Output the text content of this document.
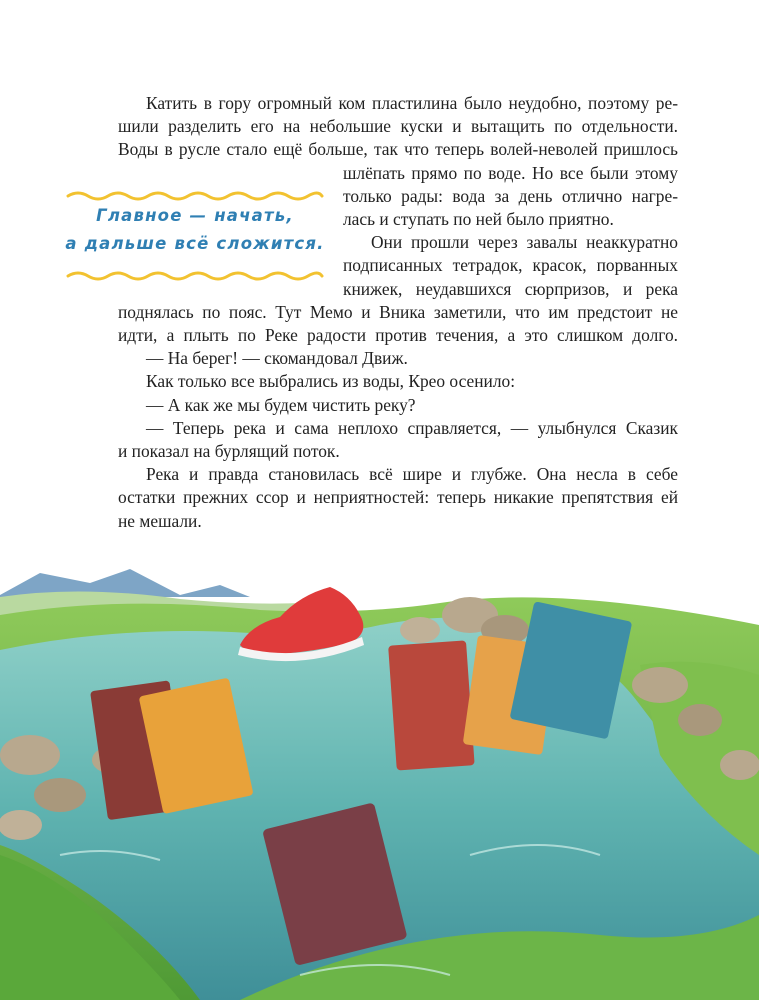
Катить в гору огромный ком пластилина было неудобно, поэтому ре-
шили разделить его на небольшие куски и вытащить по отдельности.
Воды в русле стало ещё больше, так что теперь волей-неволей пришлось
шлёпать прямо по воде. Но все были этому
только рады: вода за день отлично нагре-
лась и ступать по ней было приятно.
Они прошли через завалы неаккуратно
подписанных тетрадок, красок, порванных
книжек, неудавшихся сюрпризов, и река
поднялась по пояс. Тут Мемо и Вника заметили, что им предстоит не
идти, а плыть по Реке радости против течения, а это слишком долго.
— На берег! — скомандовал Движ.
Как только все выбрались из воды, Крео осенило:
— А как же мы будем чистить реку?
— Теперь река и сама неплохо справляется, — улыбнулся Сказик
и показал на бурлящий поток.
Река и правда становилась всё шире и глубже. Она несла в себе
остатки прежних ссор и неприятностей: теперь никакие препятствия ей
не мешали.
Главное — начать,
а дальше всё сложится.
